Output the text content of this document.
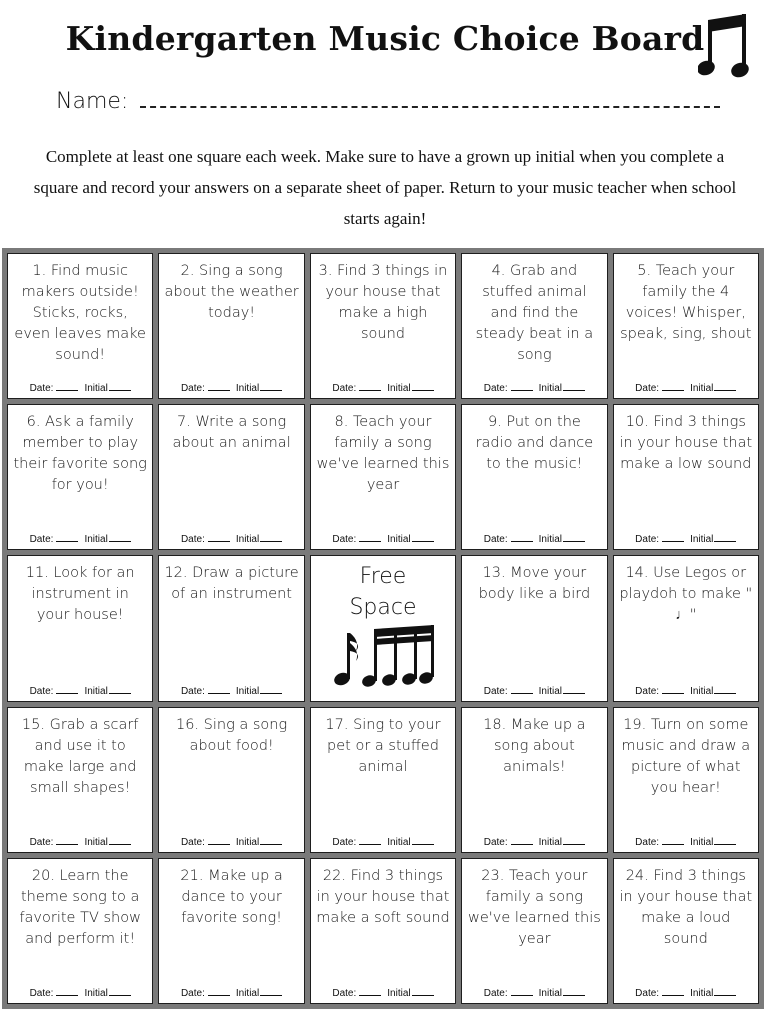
Kindergarten Music Choice Board
Name:
Complete at least one square each week. Make sure to have a grown up initial when you complete a square and record your answers on a separate sheet of paper. Return to your music teacher when school starts again!
1. Find music makers outside! Sticks, rocks, even leaves make sound!
Date:	Initial
2. Sing a song about the weather today!
Date:	Initial
3. Find 3 things in your house that make a high sound
Date:	Initial
4. Grab and stuffed animal and find the steady beat in a song
Date:	Initial
5. Teach your family the 4 voices! Whisper, speak, sing, shout
Date:	Initial
6. Ask a family member to play their favorite song for you!
Date:	Initial
7. Write a song about an animal
Date:	Initial
8. Teach your family a song we've learned this year
Date:	Initial
9. Put on the radio and dance to the music!
Date:	Initial
10. Find 3 things in your house that make a low sound
Date:	Initial
11. Look for an instrument in your house!
Date:	Initial
12. Draw a picture of an instrument
Date:	Initial
Free
Space
13. Move your body like a bird
Date:	Initial
14. Use Legos or playdoh to make " ♩"
Date:	Initial
15. Grab a scarf and use it to make large and small shapes!
Date:	Initial
16. Sing a song about food!
Date:	Initial
17. Sing to your pet or a stuffed animal
Date:	Initial
18. Make up a song about animals!
Date:	Initial
19. Turn on some music and draw a picture of what you hear!
Date:	Initial
20. Learn the theme song to a favorite TV show and perform it!
Date:	Initial
21. Make up a dance to your favorite song!
Date:	Initial
22. Find 3 things in your house that make a soft sound
Date:	Initial
23. Teach your family a song we've learned this year
Date:	Initial
24. Find 3 things in your house that make a loud sound
Date:	Initial
